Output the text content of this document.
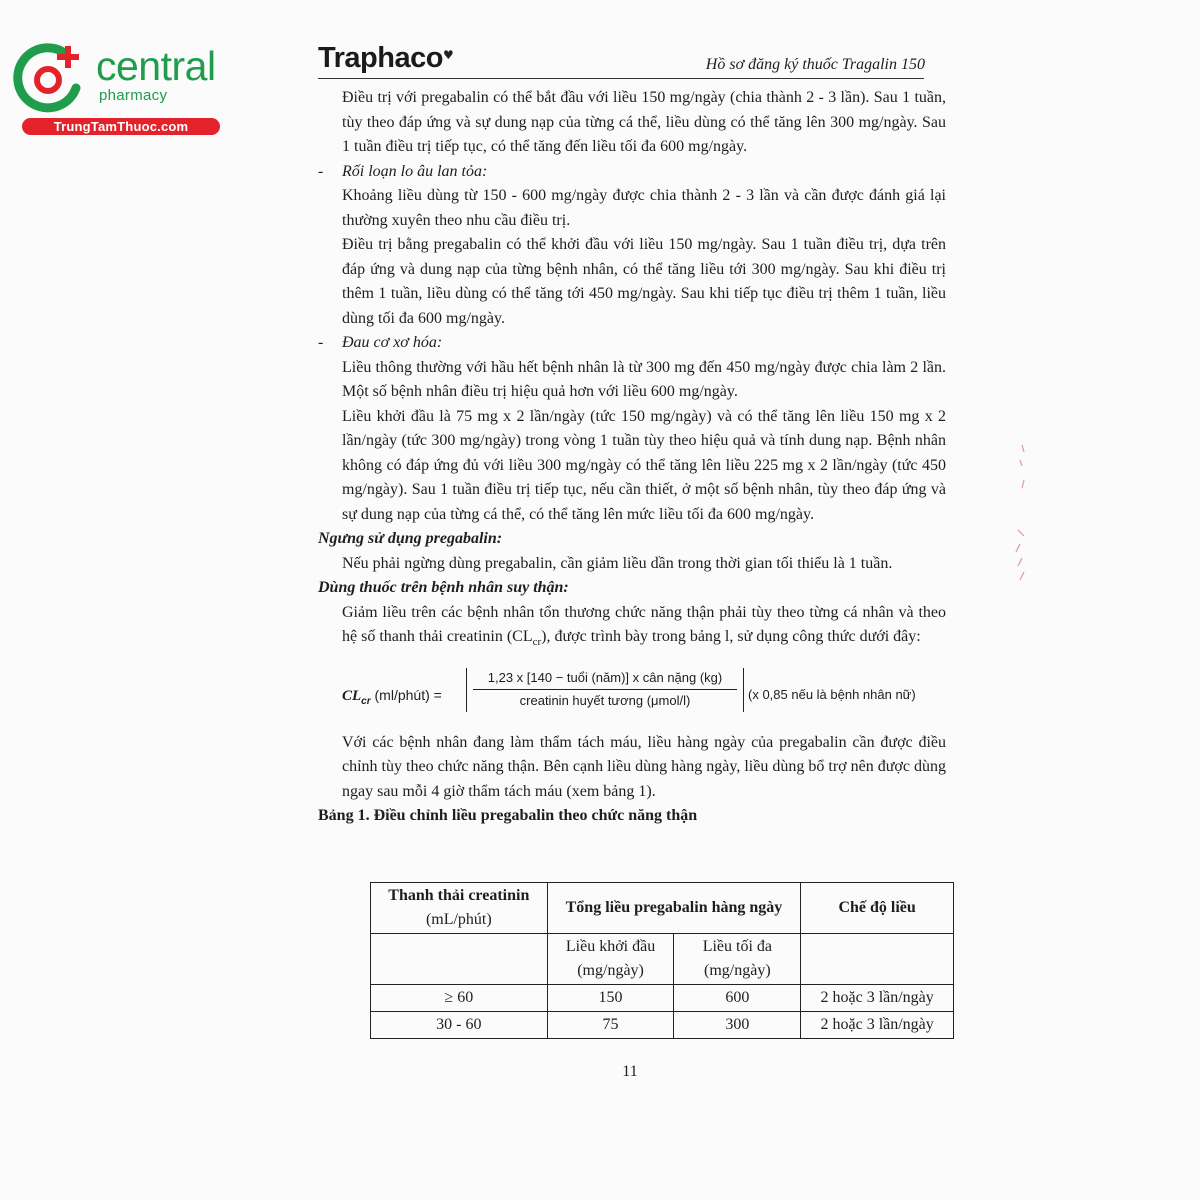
central
pharmacy
TrungTamThuoc.com
Traphaco ♥
Hồ sơ đăng ký thuốc Tragalin 150

Điều trị với pregabalin có thể bắt đầu với liều 150 mg/ngày (chia thành 2 - 3 lần). Sau 1 tuần, tùy theo đáp ứng và sự dung nạp của từng cá thể, liều dùng có thể tăng lên 300 mg/ngày. Sau 1 tuần điều trị tiếp tục, có thể tăng đến liều tối đa 600 mg/ngày.

- Rối loạn lo âu lan tỏa:

Khoảng liều dùng từ 150 - 600 mg/ngày được chia thành 2 - 3 lần và cần được đánh giá lại thường xuyên theo nhu cầu điều trị.

Điều trị bằng pregabalin có thể khởi đầu với liều 150 mg/ngày. Sau 1 tuần điều trị, dựa trên đáp ứng và dung nạp của từng bệnh nhân, có thể tăng liều tới 300 mg/ngày. Sau khi điều trị thêm 1 tuần, liều dùng có thể tăng tới 450 mg/ngày. Sau khi tiếp tục điều trị thêm 1 tuần, liều dùng tối đa 600 mg/ngày.

- Đau cơ xơ hóa:

Liều thông thường với hầu hết bệnh nhân là từ 300 mg đến 450 mg/ngày được chia làm 2 lần. Một số bệnh nhân điều trị hiệu quả hơn với liều 600 mg/ngày.

Liều khởi đầu là 75 mg x 2 lần/ngày (tức 150 mg/ngày) và có thể tăng lên liều 150 mg x 2 lần/ngày (tức 300 mg/ngày) trong vòng 1 tuần tùy theo hiệu quả và tính dung nạp. Bệnh nhân không có đáp ứng đủ với liều 300 mg/ngày có thể tăng lên liều 225 mg x 2 lần/ngày (tức 450 mg/ngày). Sau 1 tuần điều trị tiếp tục, nếu cần thiết, ở một số bệnh nhân, tùy theo đáp ứng và sự dung nạp của từng cá thể, có thể tăng lên mức liều tối đa 600 mg/ngày.

Ngưng sử dụng pregabalin:

Nếu phải ngừng dùng pregabalin, cần giảm liều dần trong thời gian tối thiểu là 1 tuần.

Dùng thuốc trên bệnh nhân suy thận:

Giảm liều trên các bệnh nhân tổn thương chức năng thận phải tùy theo từng cá nhân và theo hệ số thanh thải creatinin $(CL_{cr})$, được trình bày trong bảng l, sử dụng công thức dưới đây:

$CL_{cr}$ (ml/phút) =
1,23 x [140 − tuổi (năm)] x cân nặng (kg)
creatinin huyết tương (μmol/l)	(x 0,85 nếu là bệnh nhân nữ)

Với các bệnh nhân đang làm thẩm tách máu, liều hàng ngày của pregabalin cần được điều chỉnh tùy theo chức năng thận. Bên cạnh liều dùng hàng ngày, liều dùng bổ trợ nên được dùng ngay sau mỗi 4 giờ thẩm tách máu (xem bảng 1).

Bảng 1. Điều chỉnh liều pregabalin theo chức năng thận

Thanh thải creatinin
(mL/phút)	Tổng liều pregabalin hàng ngày		Chế độ liều
	Liều khởi đầu
(mg/ngày)	Liều tối đa
(mg/ngày)	
≥ 60	150	600	2 hoặc 3 lần/ngày
30 - 60	75	300	2 hoặc 3 lần/ngày
11
